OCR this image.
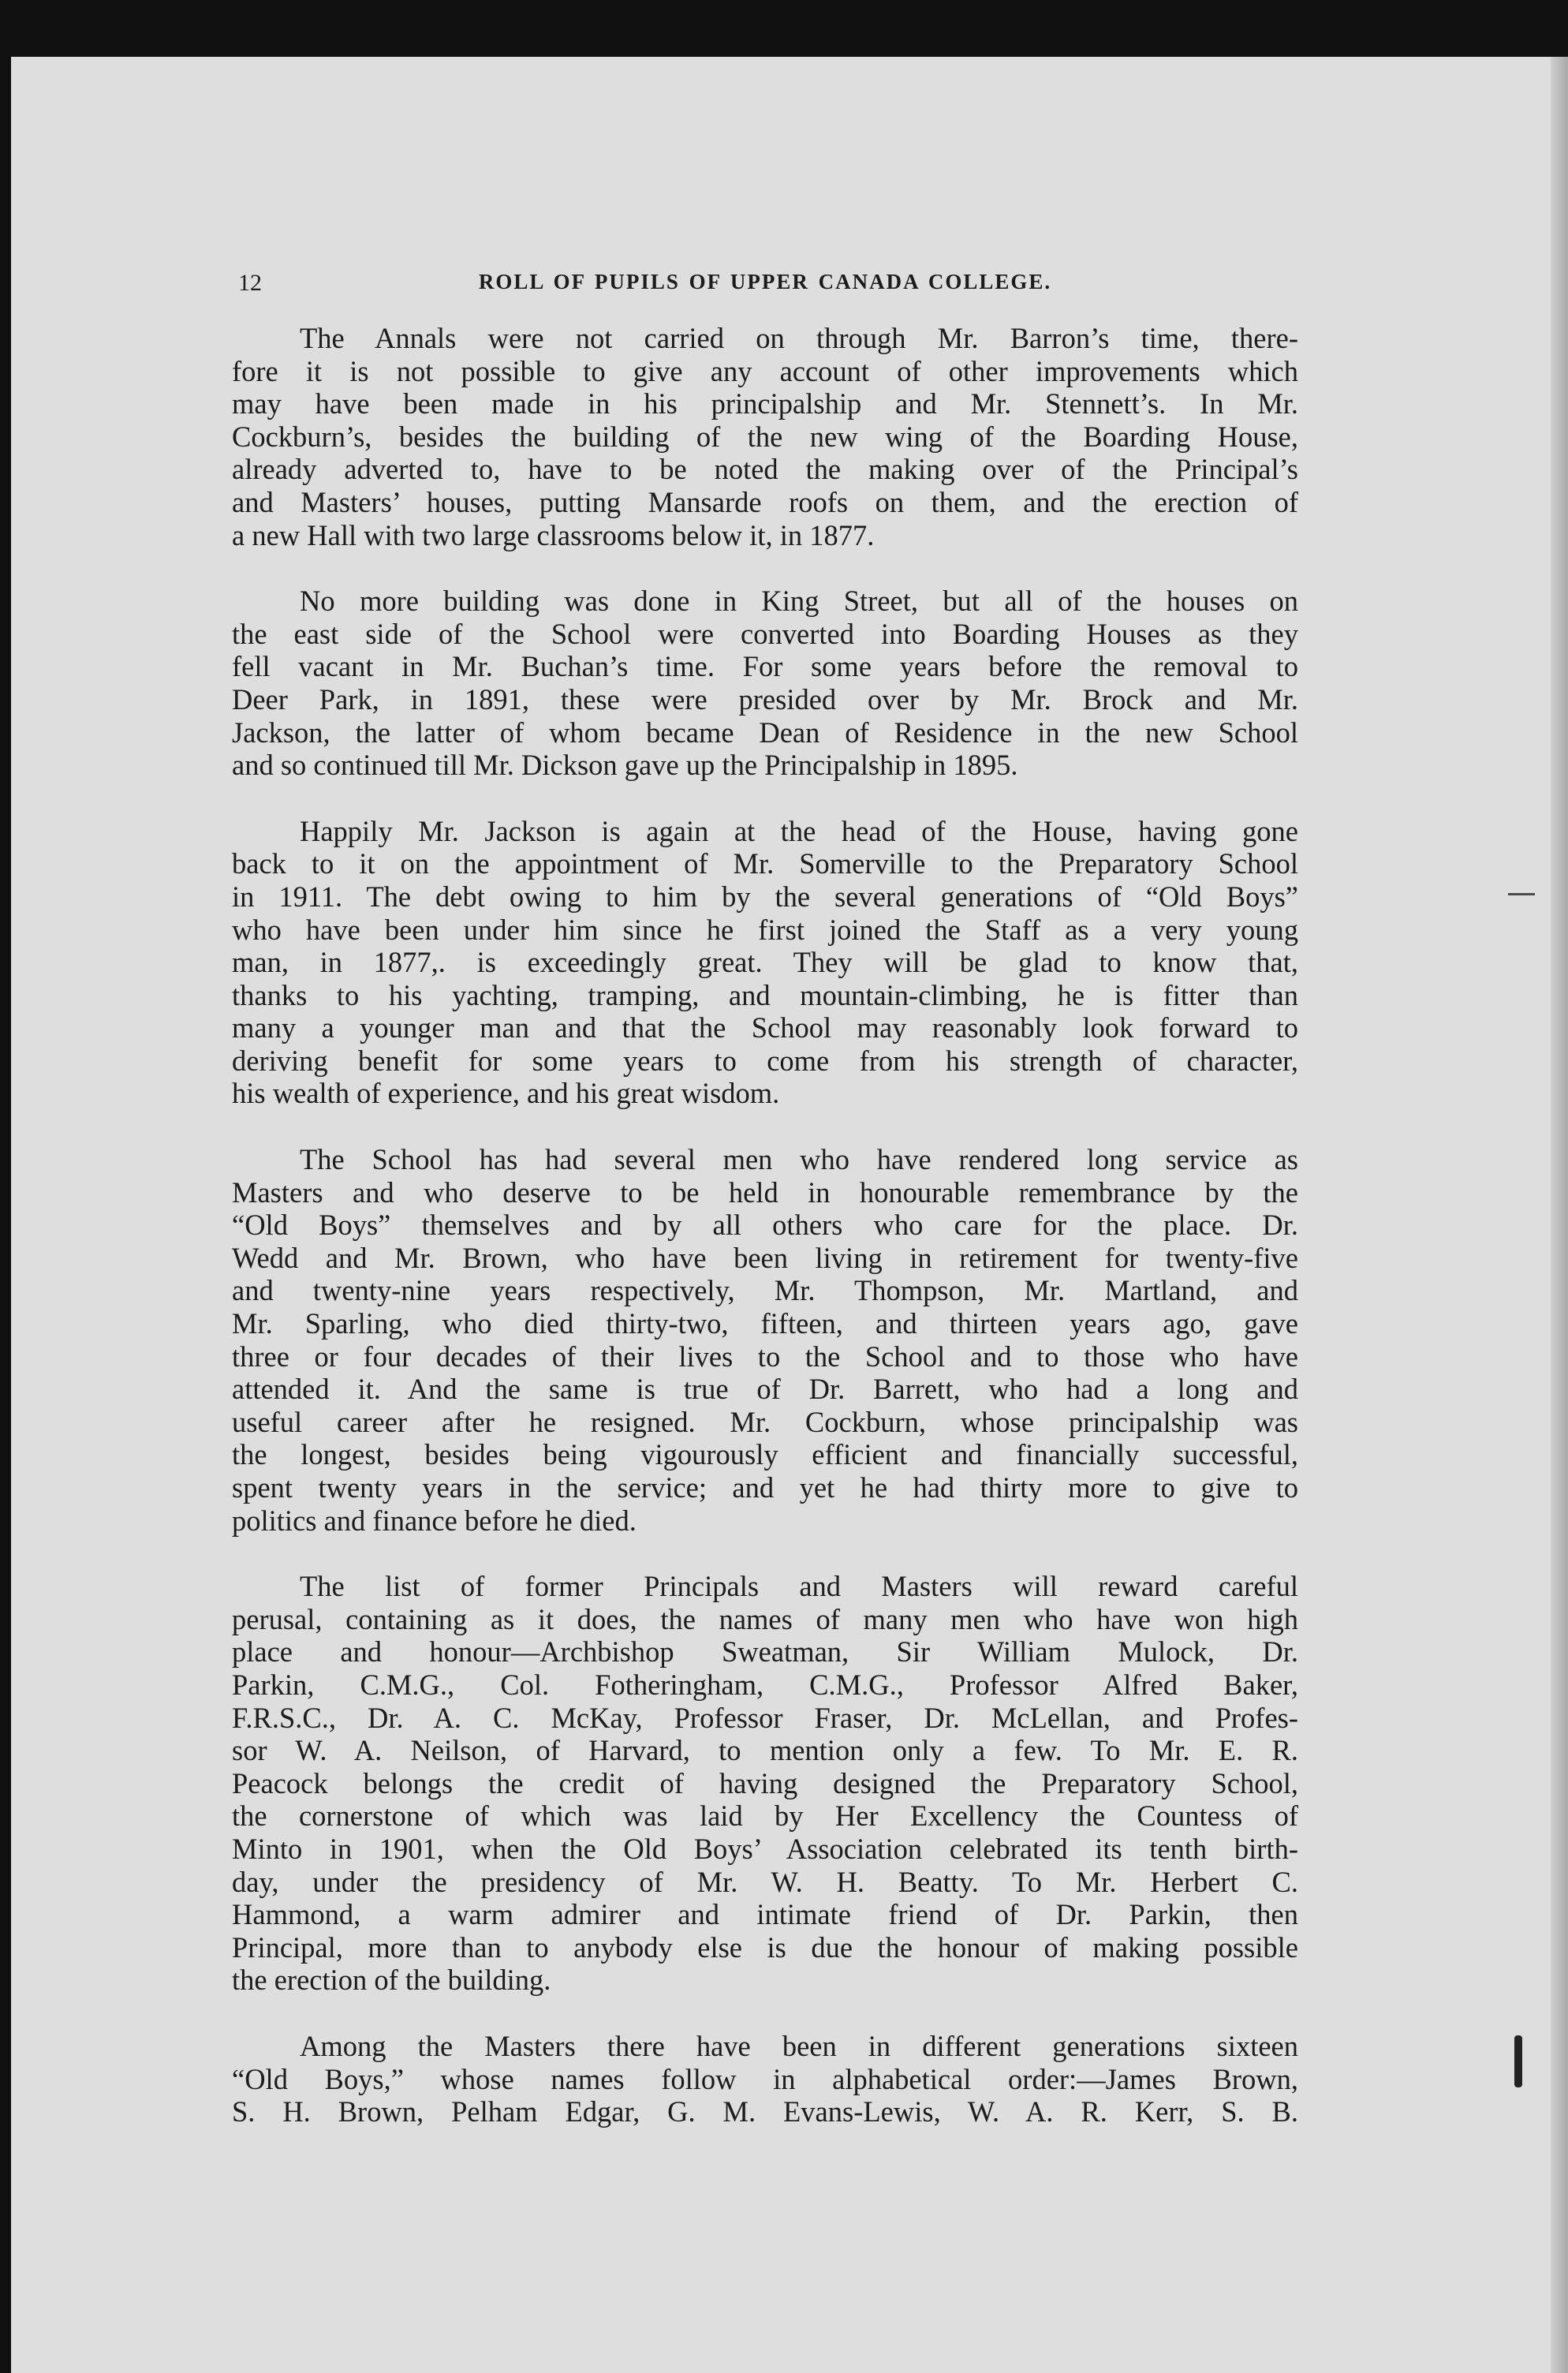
12	ROLL OF PUPILS OF UPPER CANADA COLLEGE.

The Annals were not carried on through Mr. Barron’s time, there-
fore it is not possible to give any account of other improvements which
may have been made in his principalship and Mr. Stennett’s. In Mr.
Cockburn’s, besides the building of the new wing of the Boarding House,
already adverted to, have to be noted the making over of the Principal’s
and Masters’ houses, putting Mansarde roofs on them, and the erection of
a new Hall with two large classrooms below it, in 1877.

No more building was done in King Street, but all of the houses on
the east side of the School were converted into Boarding Houses as they
fell vacant in Mr. Buchan’s time. For some years before the removal to
Deer Park, in 1891, these were presided over by Mr. Brock and Mr.
Jackson, the latter of whom became Dean of Residence in the new School
and so continued till Mr. Dickson gave up the Principalship in 1895.

Happily Mr. Jackson is again at the head of the House, having gone
back to it on the appointment of Mr. Somerville to the Preparatory School
in 1911. The debt owing to him by the several generations of “Old Boys”
who have been under him since he first joined the Staff as a very young
man, in 1877,. is exceedingly great. They will be glad to know that,
thanks to his yachting, tramping, and mountain-climbing, he is fitter than
many a younger man and that the School may reasonably look forward to
deriving benefit for some years to come from his strength of character,
his wealth of experience, and his great wisdom.

The School has had several men who have rendered long service as
Masters and who deserve to be held in honourable remembrance by the
“Old Boys” themselves and by all others who care for the place. Dr.
Wedd and Mr. Brown, who have been living in retirement for twenty-five
and twenty-nine years respectively, Mr. Thompson, Mr. Martland, and
Mr. Sparling, who died thirty-two, fifteen, and thirteen years ago, gave
three or four decades of their lives to the School and to those who have
attended it. And the same is true of Dr. Barrett, who had a long and
useful career after he resigned. Mr. Cockburn, whose principalship was
the longest, besides being vigourously efficient and financially successful,
spent twenty years in the service; and yet he had thirty more to give to
politics and finance before he died.

The list of former Principals and Masters will reward careful
perusal, containing as it does, the names of many men who have won high
place and honour—Archbishop Sweatman, Sir William Mulock, Dr.
Parkin, C.M.G., Col. Fotheringham, C.M.G., Professor Alfred Baker,
F.R.S.C., Dr. A. C. McKay, Professor Fraser, Dr. McLellan, and Profes-
sor W. A. Neilson, of Harvard, to mention only a few. To Mr. E. R.
Peacock belongs the credit of having designed the Preparatory School,
the cornerstone of which was laid by Her Excellency the Countess of
Minto in 1901, when the Old Boys’ Association celebrated its tenth birth-
day, under the presidency of Mr. W. H. Beatty. To Mr. Herbert C.
Hammond, a warm admirer and intimate friend of Dr. Parkin, then
Principal, more than to anybody else is due the honour of making possible
the erection of the building.

Among the Masters there have been in different generations sixteen
“Old Boys,” whose names follow in alphabetical order:—James Brown,
S. H. Brown, Pelham Edgar, G. M. Evans-Lewis, W. A. R. Kerr, S. B.
